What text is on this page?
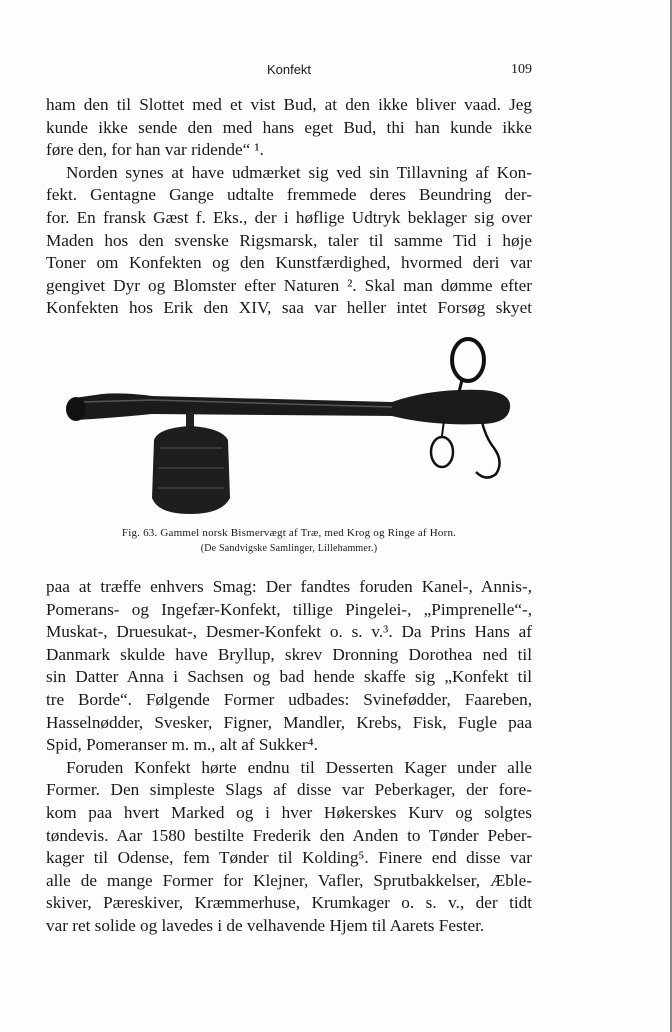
Konfekt	109
ham den til Slottet med et vist Bud, at den ikke bliver vaad. Jeg
kunde ikke sende den med hans eget Bud, thi han kunde ikke
føre den, for han var ridende“ ¹.
Norden synes at have udmærket sig ved sin Tillavning af Kon-
fekt. Gentagne Gange udtalte fremmede deres Beundring der-
for. En fransk Gæst f. Eks., der i høflige Udtryk beklager sig over
Maden hos den svenske Rigsmarsk, taler til samme Tid i høje
Toner om Konfekten og den Kunstfærdighed, hvormed deri var
gengivet Dyr og Blomster efter Naturen ². Skal man dømme efter
Konfekten hos Erik den XIV, saa var heller intet Forsøg skyet
Fig. 63. Gammel norsk Bismervægt af Træ, med Krog og Ringe af Horn.
(De Sandvigske Samlinger, Lillehammer.)
paa at træffe enhvers Smag: Der fandtes foruden Kanel-, Annis-,
Pomerans- og Ingefær-Konfekt, tillige Pingelei-, „Pimprenelle“-,
Muskat-, Druesukat-, Desmer-Konfekt o. s. v.³. Da Prins Hans af
Danmark skulde have Bryllup, skrev Dronning Dorothea ned til
sin Datter Anna i Sachsen og bad hende skaffe sig „Konfekt til
tre Borde“. Følgende Former udbades: Svinefødder, Faareben,
Hasselnødder, Svesker, Figner, Mandler, Krebs, Fisk, Fugle paa
Spid, Pomeranser m. m., alt af Sukker⁴.
Foruden Konfekt hørte endnu til Desserten Kager under alle
Former. Den simpleste Slags af disse var Peberkager, der fore-
kom paa hvert Marked og i hver Høkerskes Kurv og solgtes
tøndevis. Aar 1580 bestilte Frederik den Anden to Tønder Peber-
kager til Odense, fem Tønder til Kolding⁵. Finere end disse var
alle de mange Former for Klejner, Vafler, Sprutbakkelser, Æble-
skiver, Pæreskiver, Kræmmerhuse, Krumkager o. s. v., der tidt
var ret solide og lavedes i de velhavende Hjem til Aarets Fester.
